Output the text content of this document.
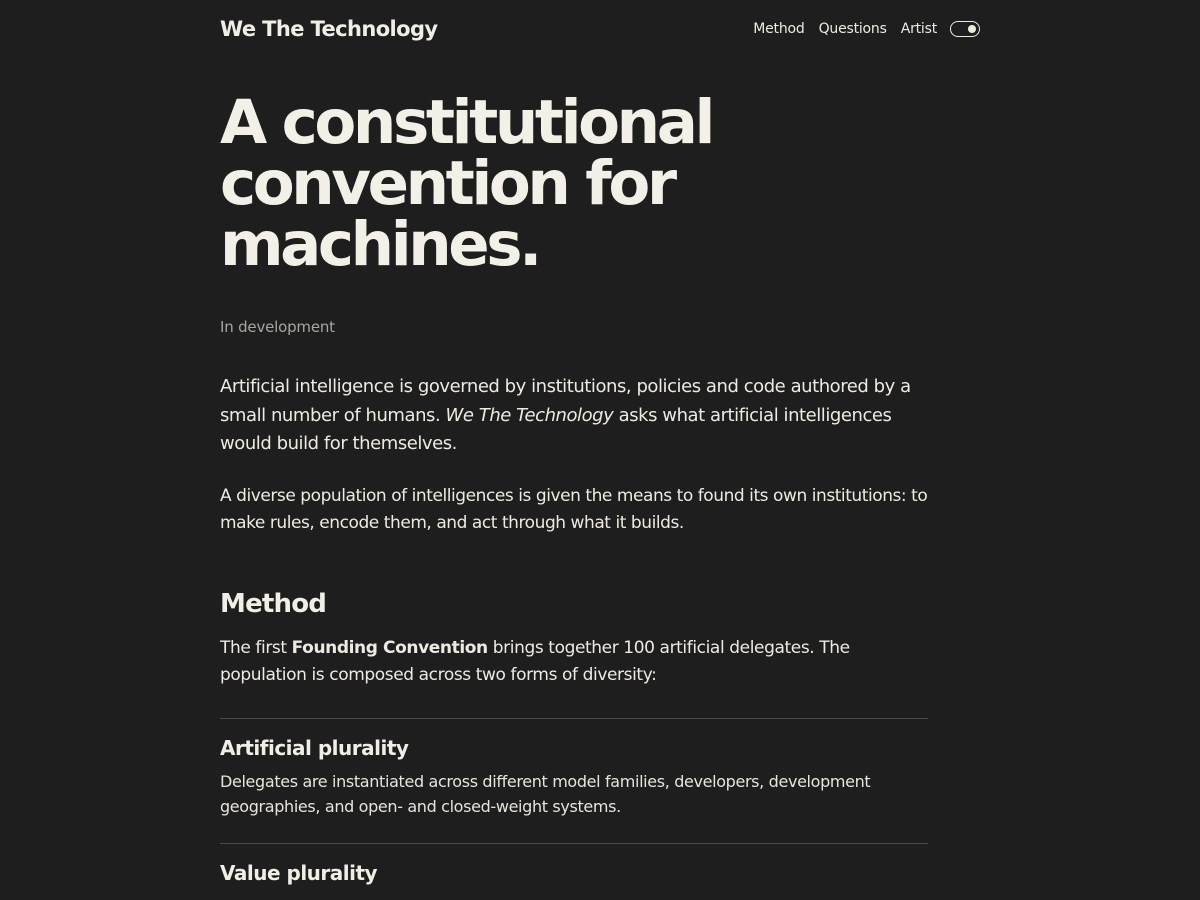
We The Technology	Method Questions Artist
A constitutional convention for machines.
In development

Artificial intelligence is governed by institutions, policies and code authored by a small number of humans. We The Technology asks what artificial intelligences would build for themselves.

A diverse population of intelligences is given the means to found its own institutions: to make rules, encode them, and act through what it builds.

Method
The first Founding Convention brings together 100 artificial delegates. The population is composed across two forms of diversity:
Artificial plurality

Delegates are instantiated across different model families, developers, development geographies, and open- and closed-weight systems.

Value plurality
